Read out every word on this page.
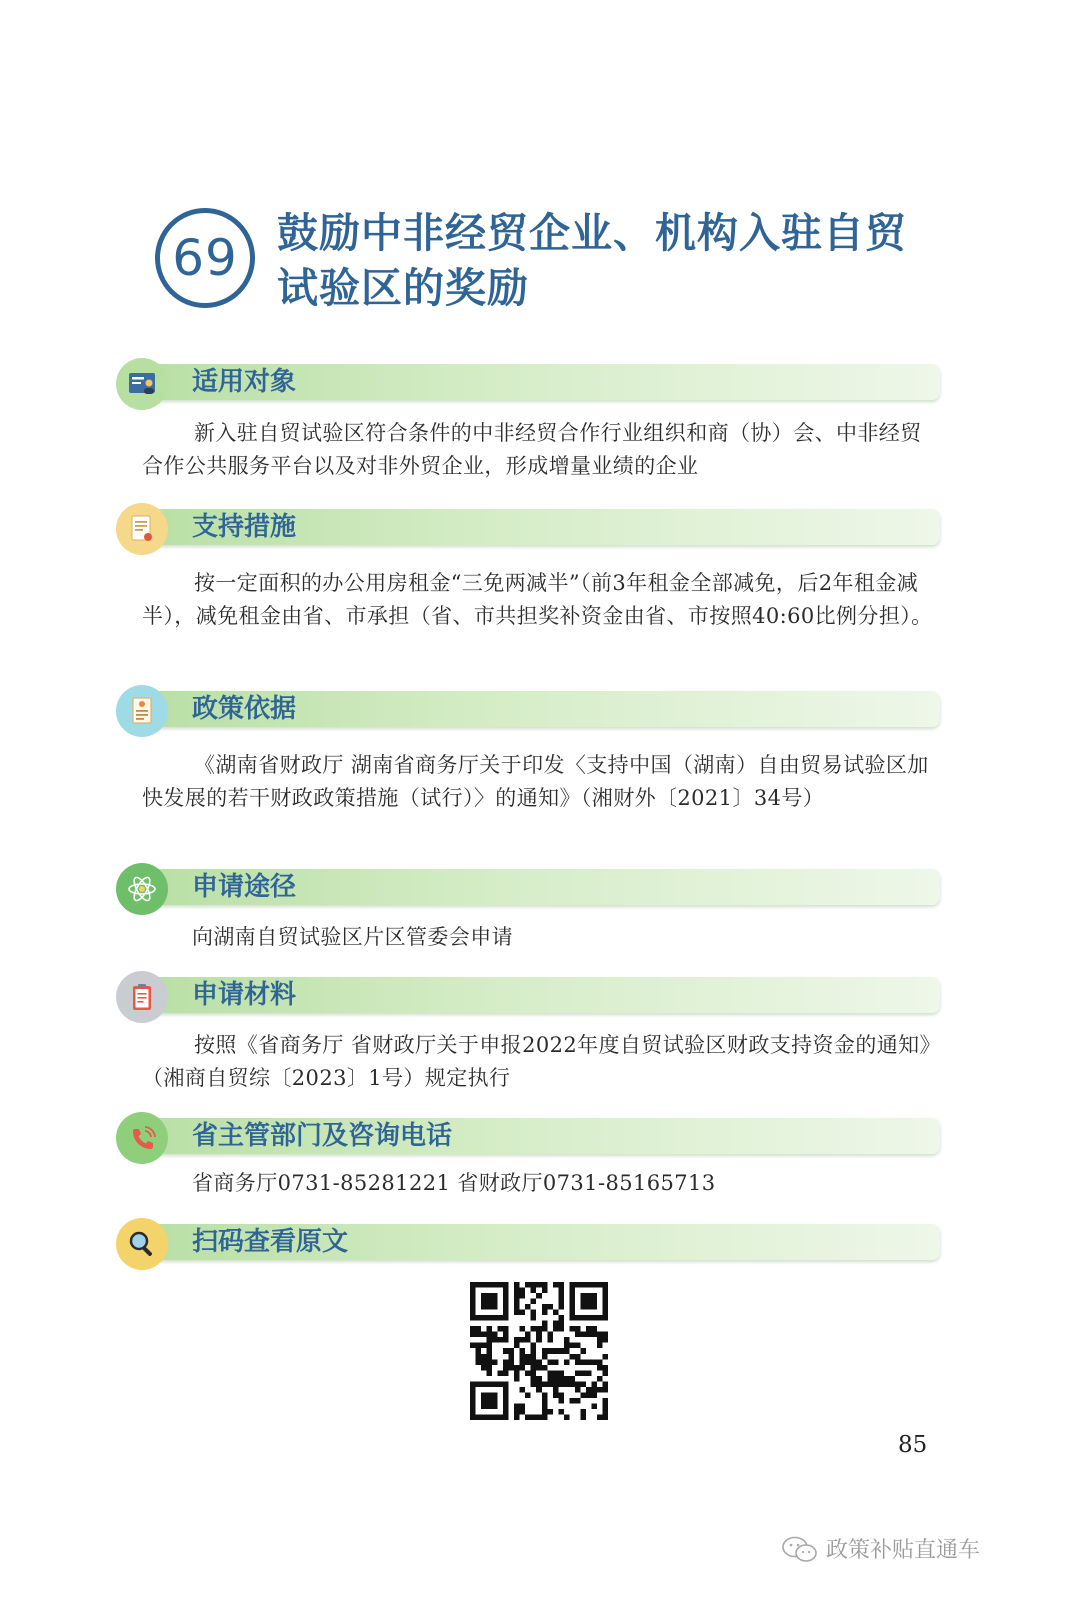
69 鼓励中非经贸企业、机构入驻自贸试验区的奖励
适用对象
新入驻自贸试验区符合条件的中非经贸合作行业组织和商（协）会、中非经贸合作公共服务平台以及对非外贸企业，形成增量业绩的企业
支持措施
按一定面积的办公用房租金“三免两减半”（前3年租金全部减免，后2年租金减半），减免租金由省、市承担（省、市共担奖补资金由省、市按照40:60比例分担）。
政策依据
《湖南省财政厅 湖南省商务厅关于印发〈支持中国（湖南）自由贸易试验区加快发展的若干财政政策措施（试行）〉的通知》（湘财外〔2021〕34号）
申请途径
向湖南自贸试验区片区管委会申请
申请材料
按照《省商务厅 省财政厅关于申报2022年度自贸试验区财政支持资金的通知》（湘商自贸综〔2023〕1号）规定执行
省主管部门及咨询电话
省商务厅0731-85281221 省财政厅0731-85165713
扫码查看原文
85
政策补贴直通车
